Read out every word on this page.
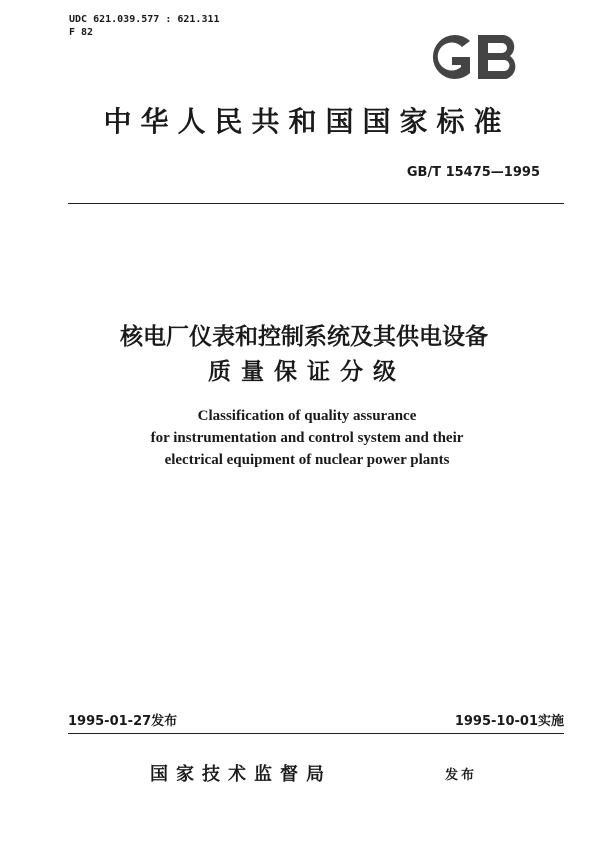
UDC 621.039.577 : 621.311
F 82
中华人民共和国国家标准
GB/T 15475—1995
核电厂仪表和控制系统及其供电设备
质量保证分级
Classification of quality assurance
for instrumentation and control system and their
electrical equipment of nuclear power plants
1995-01-27发布	1995-10-01实施
国家技术监督局	发布
